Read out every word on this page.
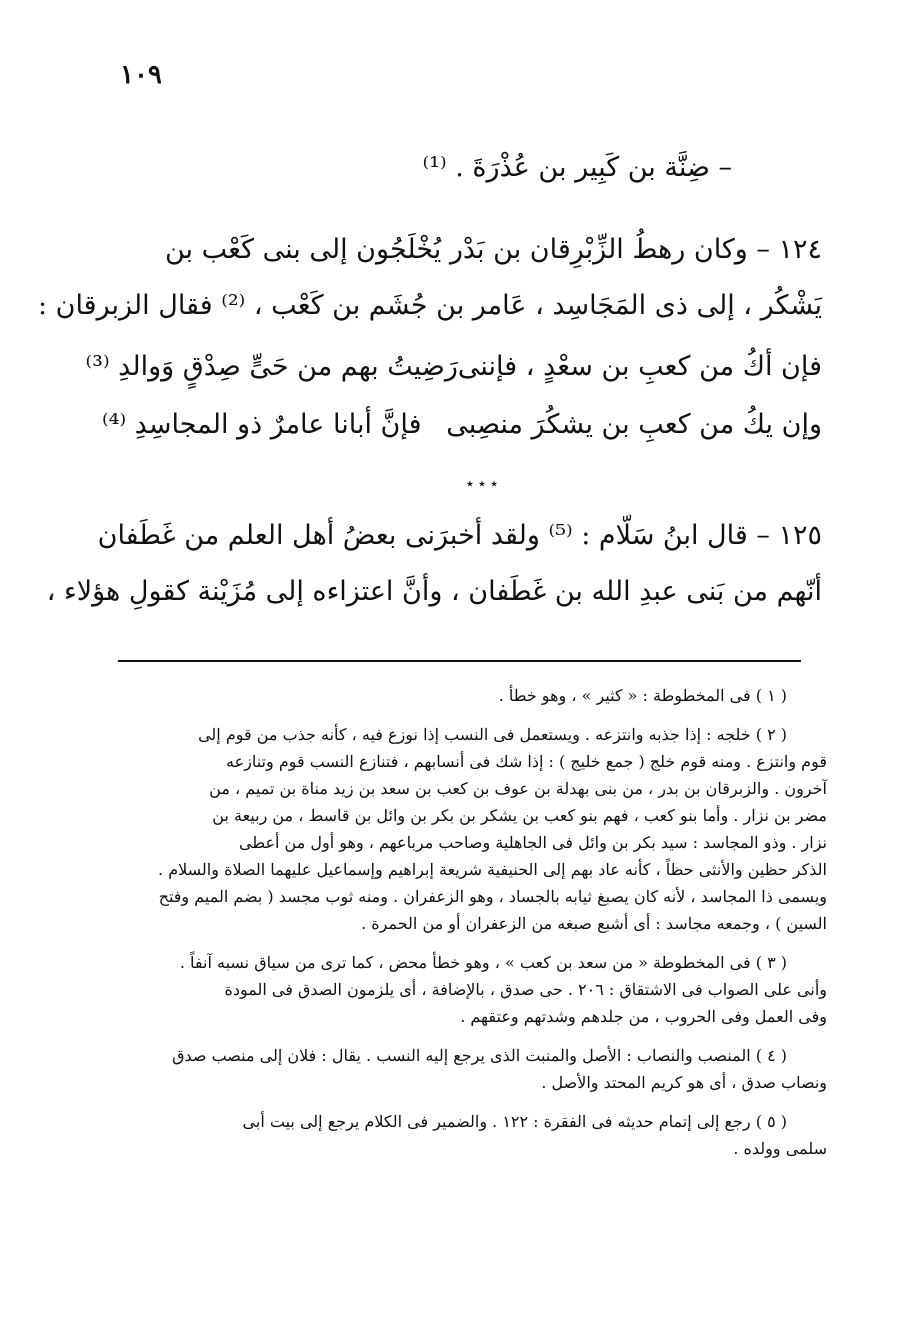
١٠٩
– ضِنَّة بن كَبِير بن عُذْرَةَ . ⁽¹⁾
١٢٤ – وكان رهطُ الزِّبْرِقان بن بَدْر يُخْلَجُون إلى بنى كَعْب بن
يَشْكُر ، إلى ذى المَجَاسِد ، عَامر بن جُشَم بن كَعْب ، ⁽²⁾ فقال الزبرقان :
فإن أكُ من كعبِ بن سعْدٍ ، فإننى
رَضِيتُ بهم من حَىٍّ صِدْقٍ وَوالدِ ⁽³⁾
وإن يكُ من كعبِ بن يشكُرَ منصِبى
فإنَّ أبانا عامرٌ ذو المجاسِدِ ⁽⁴⁾
٭ ٭ ٭
١٢٥ – قال ابنُ سَلّام : ⁽⁵⁾ ولقد أخبرَنى بعضُ أهل العلم من غَطَفان
أنّهم من بَنى عبدِ الله بن غَطَفان ، وأنَّ اعتزاءه إلى مُزَيْنة كقولِ هؤلاء ،
( ١ ) فى المخطوطة : « كثير » ، وهو خطأ .
( ٢ ) خلجه : إذا جذبه وانتزعه . ويستعمل فى النسب إذا نوزع فيه ، كأنه جذب من قوم إلى
قوم وانتزع . ومنه قوم خلج ( جمع خليج ) : إذا شك فى أنسابهم ، فتنازع النسب قوم وتنازعه
آخرون . والزبرقان بن بدر ، من بنى بهدلة بن عوف بن كعب بن سعد بن زيد مناة بن تميم ، من
مضر بن نزار . وأما بنو كعب ، فهم بنو كعب بن يشكر بن بكر بن وائل بن قاسط ، من ربيعة بن
نزار . وذو المجاسد : سيد بكر بن وائل فى الجاهلية وصاحب مرباعهم ، وهو أول من أعطى
الذكر حظين والأنثى حظاً ، كأنه عاد بهم إلى الحنيفية شريعة إبراهيم وإسماعيل عليهما الصلاة والسلام .
ويسمى ذا المجاسد ، لأنه كان يصبغ ثيابه بالجساد ، وهو الزعفران . ومنه ثوب مجسد ( بضم الميم وفتح
السين ) ، وجمعه مجاسد : أى أشبع صبغه من الزعفران أو من الحمرة .
( ٣ ) فى المخطوطة « من سعد بن كعب » ، وهو خطأ محض ، كما ترى من سياق نسبه آنفاً .
وأنى على الصواب فى الاشتقاق : ٢٠٦ . حى صدق ، بالإضافة ، أى يلزمون الصدق فى المودة
وفى العمل وفى الحروب ، من جلدهم وشدتهم وعتقهم .
( ٤ ) المنصب والنصاب : الأصل والمنبت الذى يرجع إليه النسب . يقال : فلان إلى منصب صدق
ونصاب صدق ، أى هو كريم المحتد والأصل .
( ٥ ) رجع إلى إتمام حديثه فى الفقرة : ١٢٢ . والضمير فى الكلام يرجع إلى بيت أبى
سلمى وولده .
